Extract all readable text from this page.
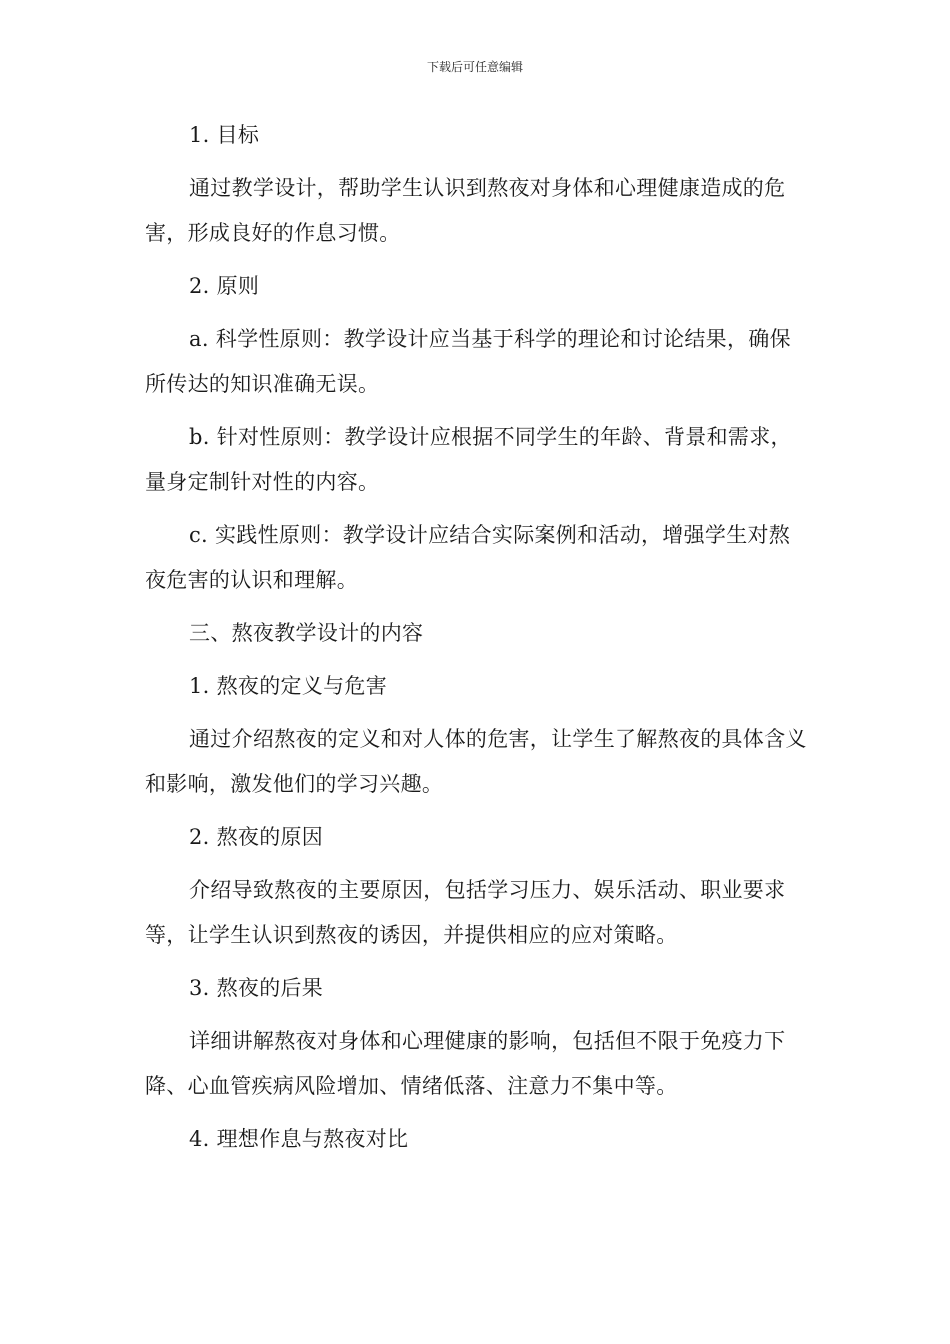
下载后可任意编辑

1. 目标

通过教学设计，帮助学生认识到熬夜对身体和心理健康造成的危害，形成良好的作息习惯。

2. 原则

a. 科学性原则：教学设计应当基于科学的理论和讨论结果，确保所传达的知识准确无误。

b. 针对性原则：教学设计应根据不同学生的年龄、背景和需求，量身定制针对性的内容。

c. 实践性原则：教学设计应结合实际案例和活动，增强学生对熬夜危害的认识和理解。

三、熬夜教学设计的内容

1. 熬夜的定义与危害

通过介绍熬夜的定义和对人体的危害，让学生了解熬夜的具体含义和影响，激发他们的学习兴趣。

2. 熬夜的原因

介绍导致熬夜的主要原因，包括学习压力、娱乐活动、职业要求等，让学生认识到熬夜的诱因，并提供相应的应对策略。

3. 熬夜的后果

详细讲解熬夜对身体和心理健康的影响，包括但不限于免疫力下降、心血管疾病风险增加、情绪低落、注意力不集中等。

4. 理想作息与熬夜对比
